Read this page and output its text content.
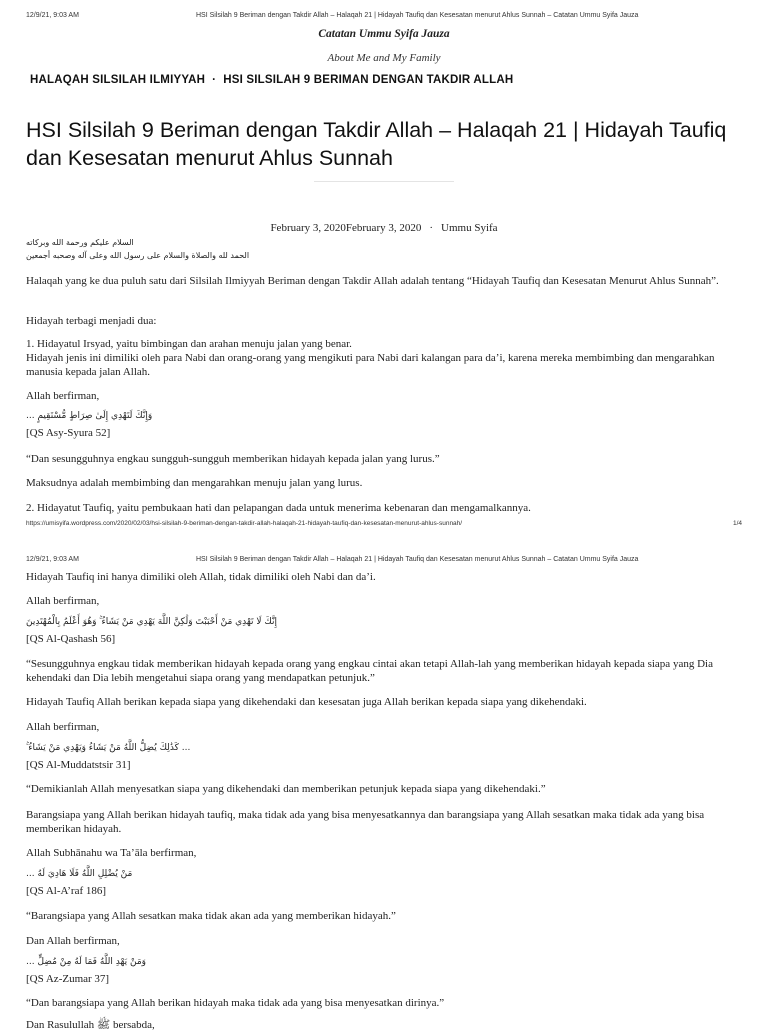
12/9/21, 9:03 AM	HSI Silsilah 9 Beriman dengan Takdir Allah – Halaqah 21 | Hidayah Taufiq dan Kesesatan menurut Ahlus Sunnah – Catatan Ummu Syifa Jauza
Catatan Ummu Syifa Jauza
About Me and My Family
HALAQAH SILSILAH ILMIYYAH · HSI SILSILAH 9 BERIMAN DENGAN TAKDIR ALLAH
HSI Silsilah 9 Beriman dengan Takdir Allah – Halaqah 21 | Hidayah Taufiq dan Kesesatan menurut Ahlus Sunnah
February 3, 2020February 3, 2020 · Ummu Syifa
السلام عليكم ورحمة الله وبركاته
الحمد لله والصلاة والسلام على رسول الله وعلى آله وصحبه أجمعين

Halaqah yang ke dua puluh satu dari Silsilah Ilmiyyah Beriman dengan Takdir Allah adalah tentang “Hidayah Taufiq dan Kesesatan Menurut Ahlus Sunnah”.

Hidayah terbagi menjadi dua:

1. Hidayatul Irsyad, yaitu bimbingan dan arahan menuju jalan yang benar.

Hidayah jenis ini dimiliki oleh para Nabi dan orang-orang yang mengikuti para Nabi dari kalangan para da’i, karena mereka membimbing dan mengarahkan manusia kepada jalan Allah.

Allah berfirman,

وَإِنَّكَ لَتَهْدِي إِلَىٰ صِرَاطٍ مُّسْتَقِيمٍ ...

[QS Asy-Syura 52]

“Dan sesungguhnya engkau sungguh-sungguh memberikan hidayah kepada jalan yang lurus.”

Maksudnya adalah membimbing dan mengarahkan menuju jalan yang lurus.

2. Hidayatut Taufiq, yaitu pembukaan hati dan pelapangan dada untuk menerima kebenaran dan mengamalkannya.

https://umisyifa.wordpress.com/2020/02/03/hsi-silsilah-9-beriman-dengan-takdir-allah-halaqah-21-hidayah-taufiq-dan-kesesatan-menurut-ahlus-sunnah/	1/4
12/9/21, 9:03 AM	HSI Silsilah 9 Beriman dengan Takdir Allah – Halaqah 21 | Hidayah Taufiq dan Kesesatan menurut Ahlus Sunnah – Catatan Ummu Syifa Jauza

Hidayah Taufiq ini hanya dimiliki oleh Allah, tidak dimiliki oleh Nabi dan da’i.

Allah berfirman,

إِنَّكَ لَا تَهْدِي مَنْ أَحْبَبْتَ وَلَٰكِنَّ اللَّهَ يَهْدِي مَنْ يَشَاءُ ۚ وَهُوَ أَعْلَمُ بِالْمُهْتَدِينَ

[QS Al-Qashash 56]

“Sesungguhnya engkau tidak memberikan hidayah kepada orang yang engkau cintai akan tetapi Allah-lah yang memberikan hidayah kepada siapa yang Dia kehendaki dan Dia lebih mengetahui siapa orang yang mendapatkan petunjuk.”

Hidayah Taufiq Allah berikan kepada siapa yang dikehendaki dan kesesatan juga Allah berikan kepada siapa yang dikehendaki.

Allah berfirman,

... كَذَٰلِكَ يُضِلُّ اللَّهُ مَنْ يَشَاءُ وَيَهْدِي مَنْ يَشَاءُ ۚ

[QS Al-Muddatstsir 31]

“Demikianlah Allah menyesatkan siapa yang dikehendaki dan memberikan petunjuk kepada siapa yang dikehendaki.”

Barangsiapa yang Allah berikan hidayah taufiq, maka tidak ada yang bisa menyesatkannya dan barangsiapa yang Allah sesatkan maka tidak ada yang bisa memberikan hidayah.

Allah Subhānahu wa Ta’āla berfirman,

مَنْ يُضْلِلِ اللَّهُ فَلَا هَادِيَ لَهُ ...

[QS Al-A’raf 186]

“Barangsiapa yang Allah sesatkan maka tidak akan ada yang memberikan hidayah.”

Dan Allah berfirman,

وَمَنْ يَهْدِ اللَّهُ فَمَا لَهُ مِنْ مُضِلٍّ ...

[QS Az-Zumar 37]

“Dan barangsiapa yang Allah berikan hidayah maka tidak ada yang bisa menyesatkan dirinya.”

Dan Rasulullah ﷺ bersabda,
